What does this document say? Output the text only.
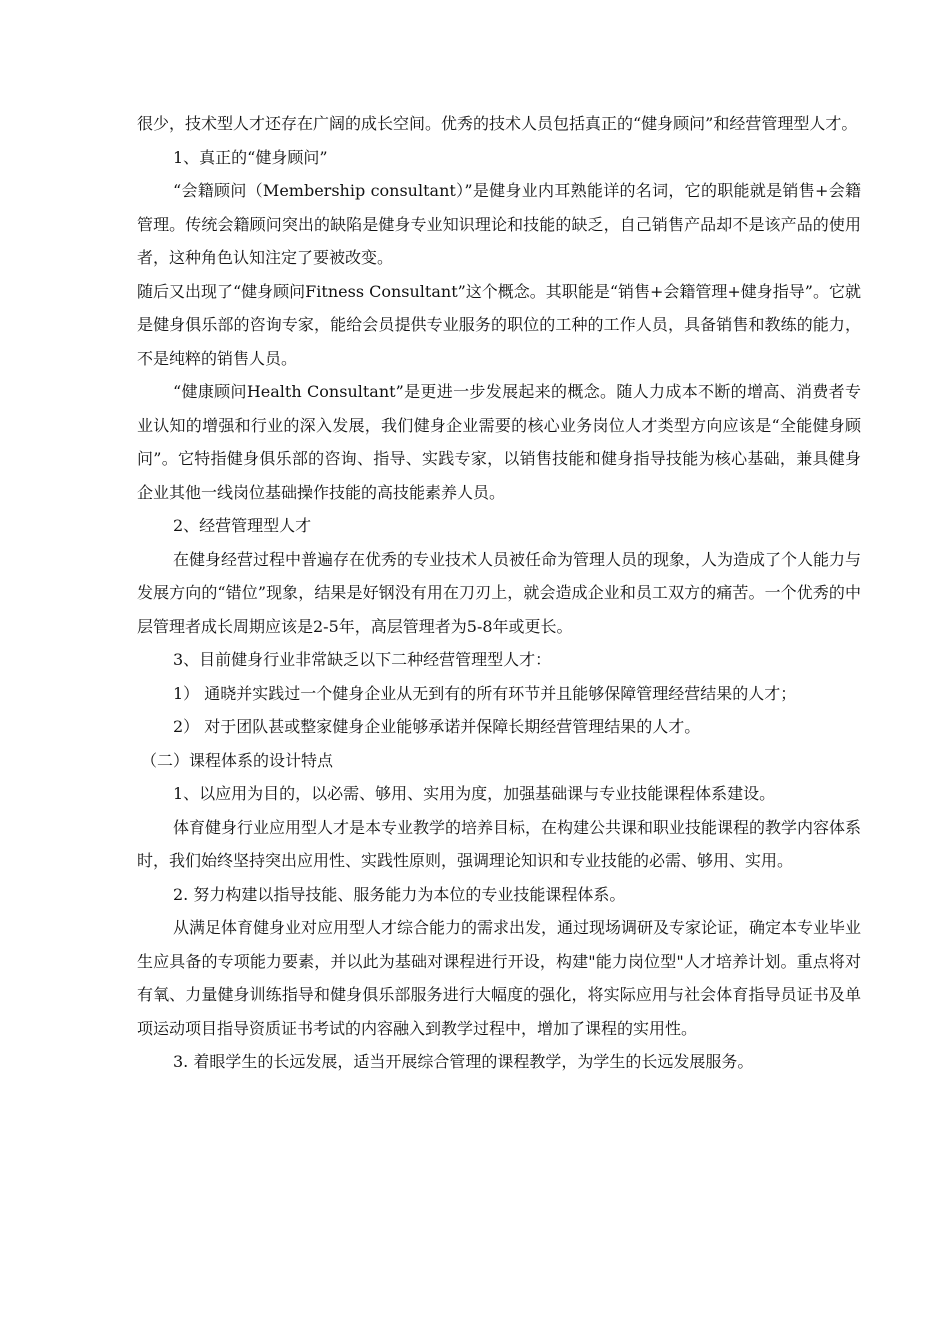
很少，技术型人才还存在广阔的成长空间。优秀的技术人员包括真正的“健身顾问”和经营管理型人才。

1、真正的“健身顾问”

“会籍顾问（Membership consultant）”是健身业内耳熟能详的名词，它的职能就是销售+会籍管理。传统会籍顾问突出的缺陷是健身专业知识理论和技能的缺乏，自己销售产品却不是该产品的使用者，这种角色认知注定了要被改变。

随后又出现了“健身顾问Fitness Consultant”这个概念。其职能是“销售+会籍管理+健身指导”。它就是健身俱乐部的咨询专家，能给会员提供专业服务的职位的工种的工作人员，具备销售和教练的能力，不是纯粹的销售人员。

“健康顾问Health Consultant”是更进一步发展起来的概念。随人力成本不断的增高、消费者专业认知的增强和行业的深入发展，我们健身企业需要的核心业务岗位人才类型方向应该是“全能健身顾问”。它特指健身俱乐部的咨询、指导、实践专家，以销售技能和健身指导技能为核心基础，兼具健身企业其他一线岗位基础操作技能的高技能素养人员。

2、经营管理型人才

在健身经营过程中普遍存在优秀的专业技术人员被任命为管理人员的现象，人为造成了个人能力与发展方向的“错位”现象，结果是好钢没有用在刀刃上，就会造成企业和员工双方的痛苦。一个优秀的中层管理者成长周期应该是2-5年，高层管理者为5-8年或更长。

3、目前健身行业非常缺乏以下二种经营管理型人才：

1） 通晓并实践过一个健身企业从无到有的所有环节并且能够保障管理经营结果的人才；

2） 对于团队甚或整家健身企业能够承诺并保障长期经营管理结果的人才。

（二）课程体系的设计特点

1、以应用为目的，以必需、够用、实用为度，加强基础课与专业技能课程体系建设。

体育健身行业应用型人才是本专业教学的培养目标，在构建公共课和职业技能课程的教学内容体系时，我们始终坚持突出应用性、实践性原则，强调理论知识和专业技能的必需、够用、实用。

2. 努力构建以指导技能、服务能力为本位的专业技能课程体系。

从满足体育健身业对应用型人才综合能力的需求出发，通过现场调研及专家论证，确定本专业毕业生应具备的专项能力要素，并以此为基础对课程进行开设，构建"能力岗位型"人才培养计划。重点将对有氧、力量健身训练指导和健身俱乐部服务进行大幅度的强化，将实际应用与社会体育指导员证书及单项运动项目指导资质证书考试的内容融入到教学过程中，增加了课程的实用性。

3. 着眼学生的长远发展，适当开展综合管理的课程教学，为学生的长远发展服务。
